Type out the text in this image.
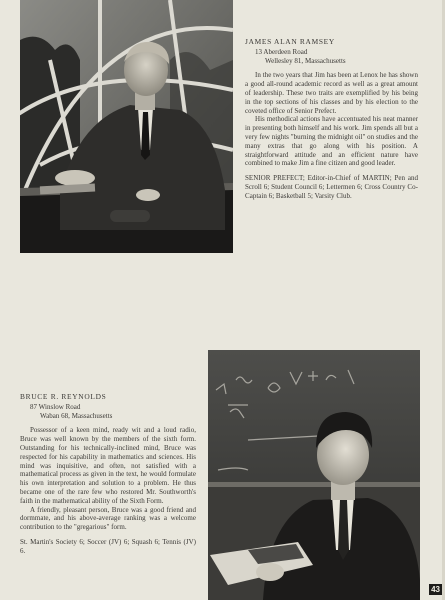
JAMES ALAN RAMSEY
13 Aberdeen Road
Wellesley 81, Massachusetts

In the two years that Jim has been at Lenox he has shown a good all-round academic record as well as a great amount of leadership. These two traits are exemplified by his being in the top sections of his classes and by his election to the coveted office of Senior Prefect.

His methodical actions have accentuated his neat manner in presenting both himself and his work. Jim spends all but a very few nights "burning the midnight oil" on studies and the many extras that go along with his position. A straightforward attitude and an efficient nature have combined to make Jim a fine citizen and good leader.

SENIOR PREFECT; Editor-in-Chief of MARTIN; Pen and Scroll 6; Student Council 6; Lettermen 6; Cross Country Co-Captain 6; Basketball 5; Varsity Club.

BRUCE R. REYNOLDS
87 Winslow Road
Waban 68, Massachusetts

Possessor of a keen mind, ready wit and a loud radio, Bruce was well known by the members of the sixth form. Outstanding for his technically-inclined mind, Bruce was respected for his capability in mathematics and sciences. His mind was inquisitive, and often, not satisfied with a mathematical process as given in the text, he would formulate his own interpretation and solution to a problem. He thus became one of the rare few who restored Mr. Southworth's faith in the mathematical ability of the Sixth Form.

A friendly, pleasant person, Bruce was a good friend and dormmate, and his above-average ranking was a welcome contribution to the "gregarious" form.

St. Martin's Society 6; Soccer (JV) 6; Squash 6; Tennis (JV) 6.

43
